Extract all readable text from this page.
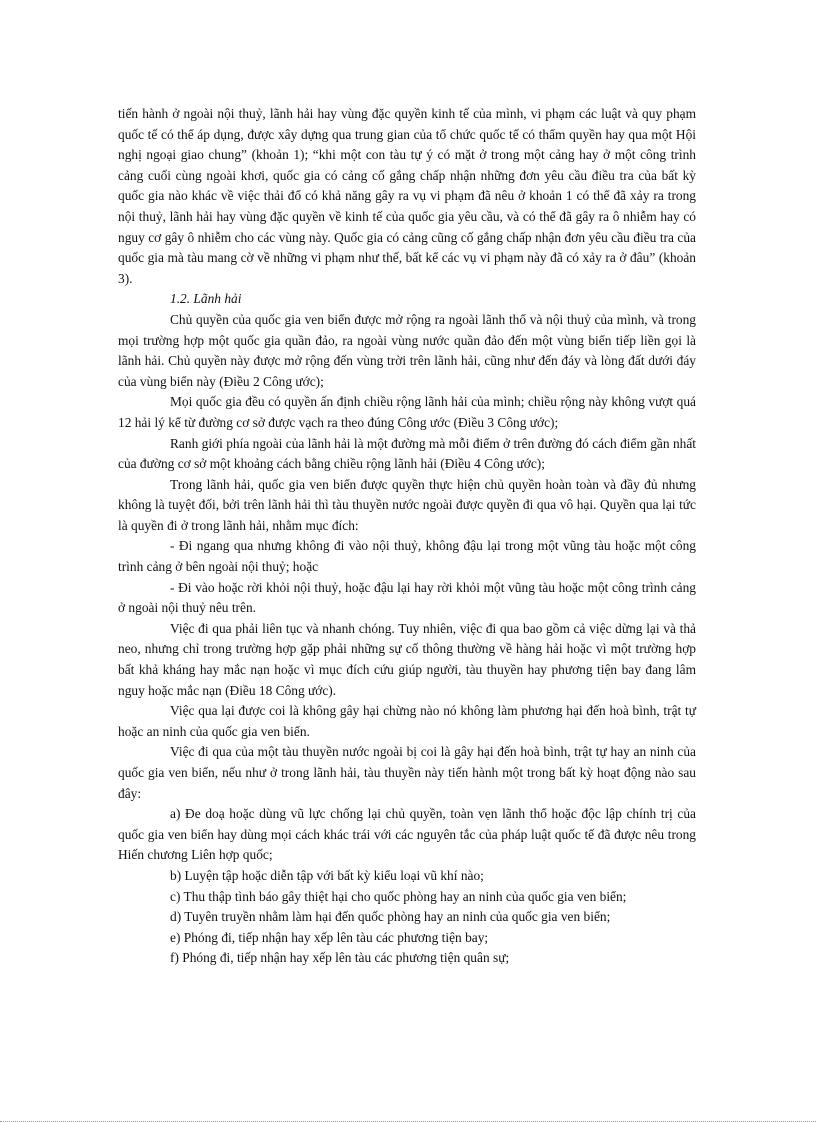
tiến hành ở ngoài nội thuỷ, lãnh hải hay vùng đặc quyền kinh tế của mình, vi phạm các luật và quy phạm quốc tế có thể áp dụng, được xây dựng qua trung gian của tổ chức quốc tế có thẩm quyền hay qua một Hội nghị ngoại giao chung” (khoản 1); “khi một con tàu tự ý có mặt ở trong một cảng hay ở một công trình cảng cuối cùng ngoài khơi, quốc gia có cảng cố gắng chấp nhận những đơn yêu cầu điều tra của bất kỳ quốc gia nào khác về việc thải đổ có khả năng gây ra vụ vi phạm đã nêu ở khoản 1 có thể đã xảy ra trong nội thuỷ, lãnh hải hay vùng đặc quyền về kinh tế của quốc gia yêu cầu, và có thể đã gây ra ô nhiễm hay có nguy cơ gây ô nhiễm cho các vùng này. Quốc gia có cảng cũng cố gắng chấp nhận đơn yêu cầu điều tra của quốc gia mà tàu mang cờ về những vi phạm như thế, bất kể các vụ vi phạm này đã có xảy ra ở đâu” (khoản 3).

1.2. Lãnh hải

Chủ quyền của quốc gia ven biển được mở rộng ra ngoài lãnh thổ và nội thuỷ của mình, và trong mọi trường hợp một quốc gia quần đảo, ra ngoài vùng nước quần đảo đến một vùng biển tiếp liền gọi là lãnh hải. Chủ quyền này được mở rộng đến vùng trời trên lãnh hải, cũng như đến đáy và lòng đất dưới đáy của vùng biển này (Điều 2 Công ước);

Mọi quốc gia đều có quyền ấn định chiều rộng lãnh hải của mình; chiều rộng này không vượt quá 12 hải lý kể từ đường cơ sở được vạch ra theo đúng Công ước (Điều 3 Công ước);

Ranh giới phía ngoài của lãnh hải là một đường mà mỗi điểm ở trên đường đó cách điểm gần nhất của đường cơ sở một khoảng cách bằng chiều rộng lãnh hải (Điều 4 Công ước);

Trong lãnh hải, quốc gia ven biển được quyền thực hiện chủ quyền hoàn toàn và đầy đủ nhưng không là tuyệt đối, bởi trên lãnh hải thì tàu thuyền nước ngoài được quyền đi qua vô hại. Quyền qua lại tức là quyền đi ở trong lãnh hải, nhằm mục đích:

- Đi ngang qua nhưng không đi vào nội thuỷ, không đậu lại trong một vũng tàu hoặc một công trình cảng ở bên ngoài nội thuỷ; hoặc

- Đi vào hoặc rời khỏi nội thuỷ, hoặc đậu lại hay rời khỏi một vũng tàu hoặc một công trình cảng ở ngoài nội thuỷ nêu trên.

Việc đi qua phải liên tục và nhanh chóng. Tuy nhiên, việc đi qua bao gồm cả việc dừng lại và thả neo, nhưng chỉ trong trường hợp gặp phải những sự cố thông thường về hàng hải hoặc vì một trường hợp bất khả kháng hay mắc nạn hoặc vì mục đích cứu giúp người, tàu thuyền hay phương tiện bay đang lâm nguy hoặc mắc nạn (Điều 18 Công ước).

Việc qua lại được coi là không gây hại chừng nào nó không làm phương hại đến hoà bình, trật tự hoặc an ninh của quốc gia ven biển.

Việc đi qua của một tàu thuyền nước ngoài bị coi là gây hại đến hoà bình, trật tự hay an ninh của quốc gia ven biển, nếu như ở trong lãnh hải, tàu thuyền này tiến hành một trong bất kỳ hoạt động nào sau đây:

a) Đe doạ hoặc dùng vũ lực chống lại chủ quyền, toàn vẹn lãnh thổ hoặc độc lập chính trị của quốc gia ven biển hay dùng mọi cách khác trái với các nguyên tắc của pháp luật quốc tế đã được nêu trong Hiến chương Liên hợp quốc;

b) Luyện tập hoặc diễn tập với bất kỳ kiểu loại vũ khí nào;

c) Thu thập tình báo gây thiệt hại cho quốc phòng hay an ninh của quốc gia ven biển;

d) Tuyên truyền nhằm làm hại đến quốc phòng hay an ninh của quốc gia ven biển;

e) Phóng đi, tiếp nhận hay xếp lên tàu các phương tiện bay;

f) Phóng đi, tiếp nhận hay xếp lên tàu các phương tiện quân sự;
